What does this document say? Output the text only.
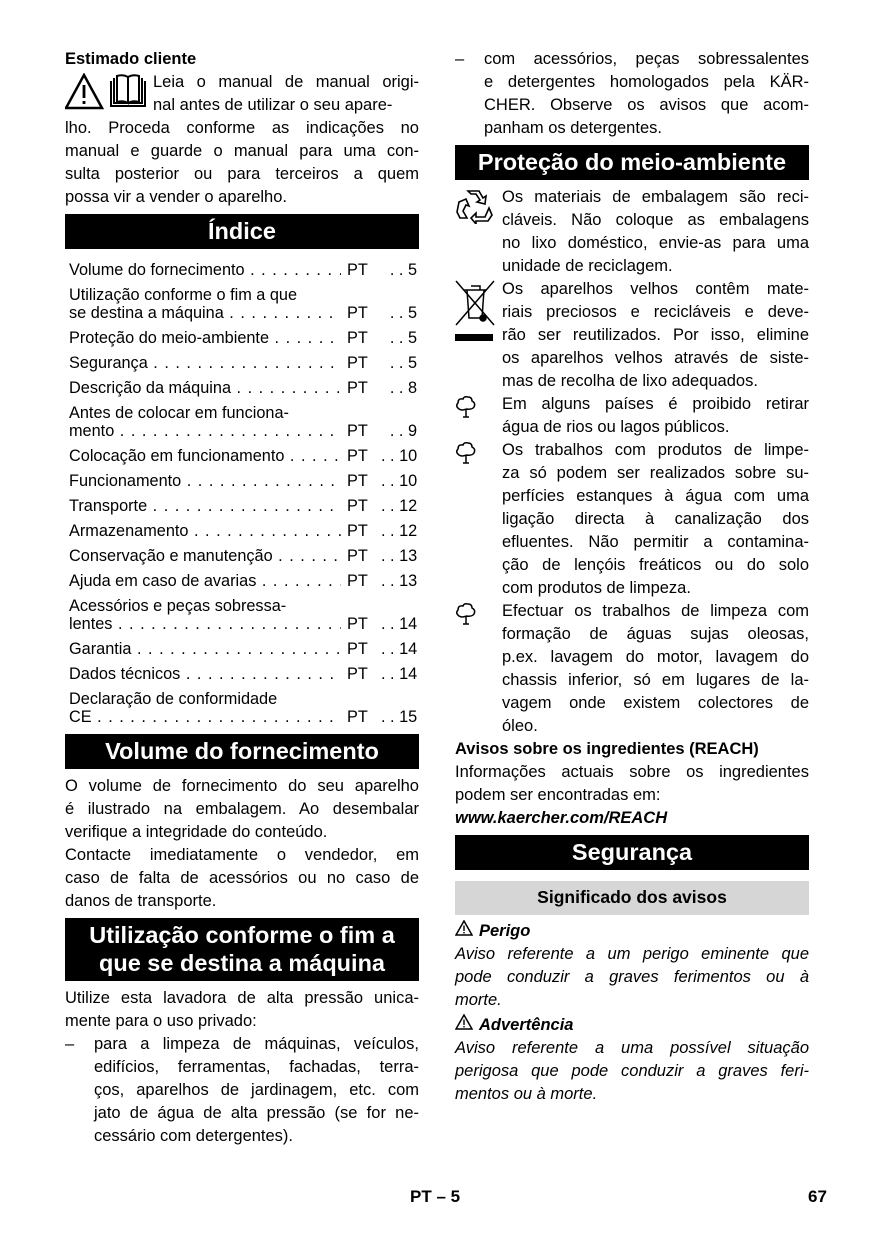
Estimado cliente
Leia o manual de manual origi-
nal antes de utilizar o seu apare-
lho. Proceda conforme as indicações no
manual e guarde o manual para uma con-
sulta posterior ou para terceiros a quem
possa vir a vender o aparelho.
Índice
Volume do fornecimento . . .	PT	. . 5
Utilização conforme o fim a que
se destina a máquina . . .	PT	. . 5
Proteção do meio-ambiente . . .	PT	. . 5
Segurança . . .	PT	. . 5
Descrição da máquina . . .	PT	. . 8
Antes de colocar em funciona-
mento . . .	PT	. . 9
Colocação em funcionamento . . .	PT	. . 10
Funcionamento . . .	PT	. . 10
Transporte . . .	PT	. . 12
Armazenamento . . .	PT	. . 12
Conservação e manutenção . . .	PT	. . 13
Ajuda em caso de avarias . . .	PT	. . 13
Acessórios e peças sobressa-
lentes . . .	PT	. . 14
Garantia . . .	PT	. . 14
Dados técnicos . . .	PT	. . 14
Declaração de conformidade
CE . . .	PT	. . 15
Volume do fornecimento
O volume de fornecimento do seu aparelho
é ilustrado na embalagem. Ao desembalar
verifique a integridade do conteúdo.
Contacte imediatamente o vendedor, em
caso de falta de acessórios ou no caso de
danos de transporte.
Utilização conforme o fim a
que se destina a máquina
Utilize esta lavadora de alta pressão unica-
mente para o uso privado:
–	para a limpeza de máquinas, veículos,
edifícios, ferramentas, fachadas, terra-
ços, aparelhos de jardinagem, etc. com
jato de água de alta pressão (se for ne-
cessário com detergentes).
–	com acessórios, peças sobressalentes
e detergentes homologados pela KÄR-
CHER. Observe os avisos que acom-
panham os detergentes.
Proteção do meio-ambiente
Os materiais de embalagem são reci-
cláveis. Não coloque as embalagens
no lixo doméstico, envie-as para uma
unidade de reciclagem.
Os aparelhos velhos contêm mate-
riais preciosos e recicláveis e deve-
rão ser reutilizados. Por isso, elimine
os aparelhos velhos através de siste-
mas de recolha de lixo adequados.
Em alguns países é proibido retirar
água de rios ou lagos públicos.
Os trabalhos com produtos de limpe-
za só podem ser realizados sobre su-
perfícies estanques à água com uma
ligação directa à canalização dos
efluentes. Não permitir a contamina-
ção de lençóis freáticos ou do solo
com produtos de limpeza.
Efectuar os trabalhos de limpeza com
formação de águas sujas oleosas,
p.ex. lavagem do motor, lavagem do
chassis inferior, só em lugares de la-
vagem onde existem colectores de
óleo.
Avisos sobre os ingredientes (REACH)
Informações actuais sobre os ingredientes
podem ser encontradas em:
www.kaercher.com/REACH
Segurança
Significado dos avisos
Perigo
Aviso referente a um perigo eminente que
pode conduzir a graves ferimentos ou à
morte.
Advertência
Aviso referente a uma possível situação
perigosa que pode conduzir a graves feri-
mentos ou à morte.
PT – 5	67
